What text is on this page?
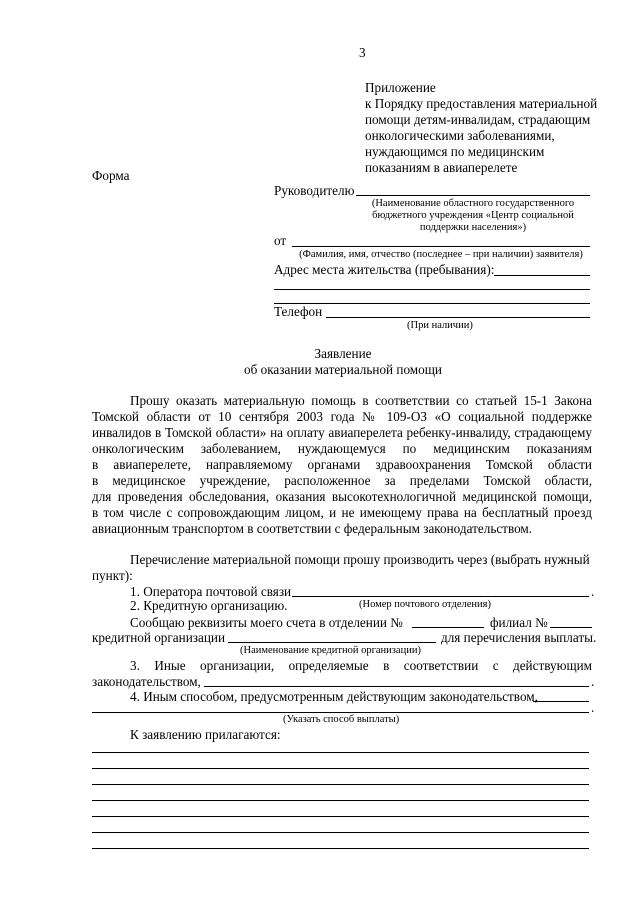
3
Приложение
к Порядку предоставления материальной
помощи детям-инвалидам, страдающим
онкологическими заболеваниями,
нуждающимся по медицинским
показаниям в авиаперелете
Форма
Руководителю
(Наименование областного государственного
бюджетного учреждения «Центр социальной
поддержки населения»)
от
(Фамилия, имя, отчество (последнее – при наличии) заявителя)
Адрес места жительства (пребывания):
Телефон
(При наличии)
Заявление
об оказании материальной помощи
Прошу оказать материальную помощь в соответствии со статьей 15-1 Закона
Томской области от 10 сентября 2003 года № 109-ОЗ «О социальной поддержке
инвалидов в Томской области» на оплату авиаперелета ребенку-инвалиду, страдающему
онкологическим заболеванием, нуждающемуся по медицинским показаниям
в авиаперелете, направляемому органами здравоохранения Томской области
в медицинское учреждение, расположенное за пределами Томской области,
для проведения обследования, оказания высокотехнологичной медицинской помощи,
в том числе с сопровождающим лицом, и не имеющему права на бесплатный проезд
авиационным транспортом в соответствии с федеральным законодательством.
Перечисление материальной помощи прошу производить через (выбрать нужный
пункт):
1. Оператора почтовой связи	.
(Номер почтового отделения)
2. Кредитную организацию.
Сообщаю реквизиты моего счета в отделении №	филиал №
кредитной организации	для перечисления выплаты.
(Наименование кредитной организации)
3. Иные организации, определяемые в соответствии с действующим
законодательством,	.
4. Иным способом, предусмотренным действующим законодательством,
.
(Указать способ выплаты)
К заявлению прилагаются:
